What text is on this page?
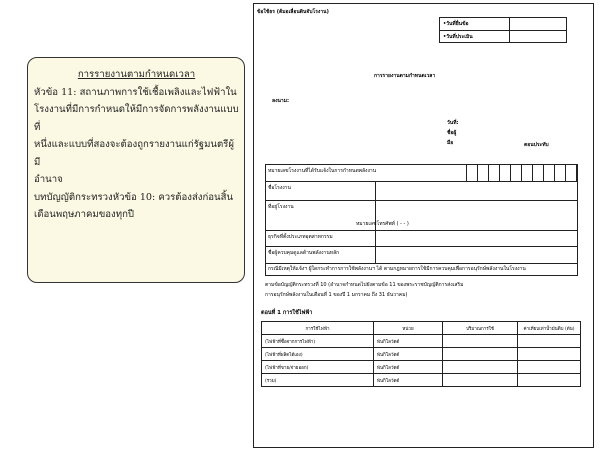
การรายงานตามกำหนดเวลา

หัวข้อ 11: สถานภาพการใช้เชื้อเพลิงและไฟฟ้าใน

โรงงานที่มีการกำหนดให้มีการจัดการพลังงานแบบที่

หนึ่งและแบบที่สองจะต้องถูกรายงานแก่รัฐมนตรีผู้มี

อำนาจ

บทบัญญัติกระทรวงหัวข้อ 10: ควรต้องส่งก่อนสิ้น

เดือนพฤษภาคมของทุกปี

ข้อใช้ธร (ต้มอเลื่อนดินจับโรงาน)
•วันที่ยื่นข้อ
•วันที่ประเมิน
การรายงานตามกำหนดเวลา
ลงนาม:
วันที่:
ชื่อผู้
มือ	ตอนประทับ
หมายเลขโรงงานที่ได้รับแจ้งในการกำหนดพลังงาน
ชื่อโรงงาน
ที่อยู่โรงงาน
หมายเลขโทรศัพท์ ( - - )
ธุรกิจที่ตั้งประเภทอุตสาหกรรม
ชื่อผู้ควบคุมดูแลด้านพลังงานหลัก
กรณีมีเหตุให้แจ้งฯ ผู้ใดกระทำการการใช้พลังงานฯ ได้ ตามกฎหมายการใช้มีการควบคุมเพื่อการอนุรักษ์พลังงานในโรงงาน
ตามข้อบัญญัติกระทรวงที่ 10 (อำนาจกำหนดไปยังตามข้อ 11 ของพระราชบัญญัติการส่งเสริม
การอนุรักษ์พลังงานในเดือนที่ 1 ของปี 1 มกราคม ถึง 31 ธันวาคม)
ตอนที่ 1 การใช้ไฟฟ้า
การใช้ไฟฟ้า	หน่วย	ปริมาณการใช้	ค่าเทียบเท่าน้ำมันดิบ (ตัน)
(ไฟฟ้าที่ซื้อจากการไฟฟ้า)	พันกิโลวัตต์		
(ไฟฟ้าที่ผลิตได้เอง)	พันกิโลวัตต์		
(ไฟฟ้าที่ขาย/จ่ายออก)	พันกิโลวัตต์		
(รวม)	พันกิโลวัตต์		
